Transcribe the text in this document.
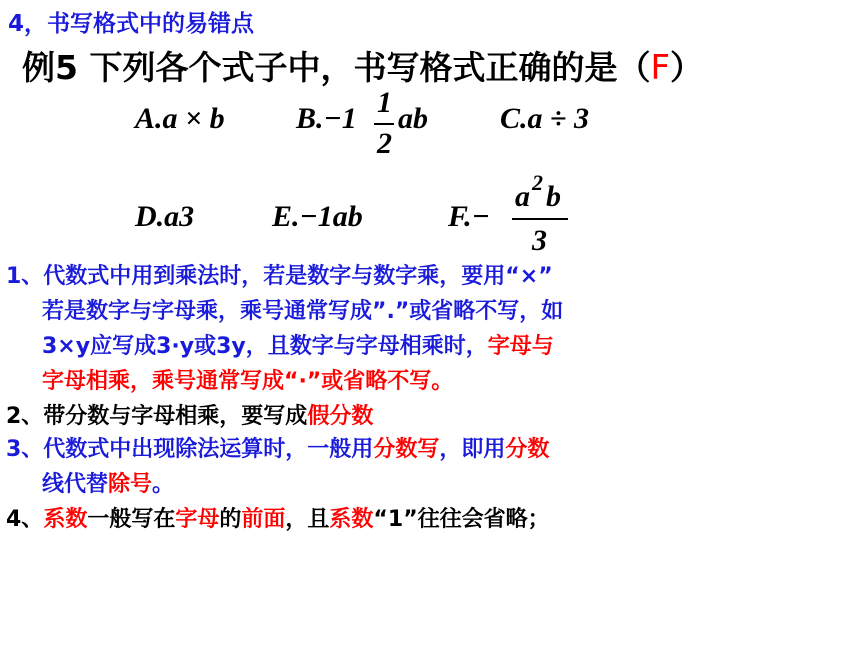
4，书写格式中的易错点
例5 下列各个式子中，书写格式正确的是（F）
A.a × b B.−1 1
2
ab C.a ÷ 3
D.a3	E.−1ab	F.−
a 2 b
3
1、代数式中用到乘法时，若是数字与数字乘，要用“×”
若是数字与字母乘，乘号通常写成”.”或省略不写，如
3×y应写成3·y或3y，且数字与字母相乘时，字母与
字母相乘，乘号通常写成“·”或省略不写。
2、带分数与字母相乘，要写成假分数
3、代数式中出现除法运算时，一般用分数写，即用分数
线代替除号。
4、系数一般写在字母的前面，且系数“1”往往会省略；
